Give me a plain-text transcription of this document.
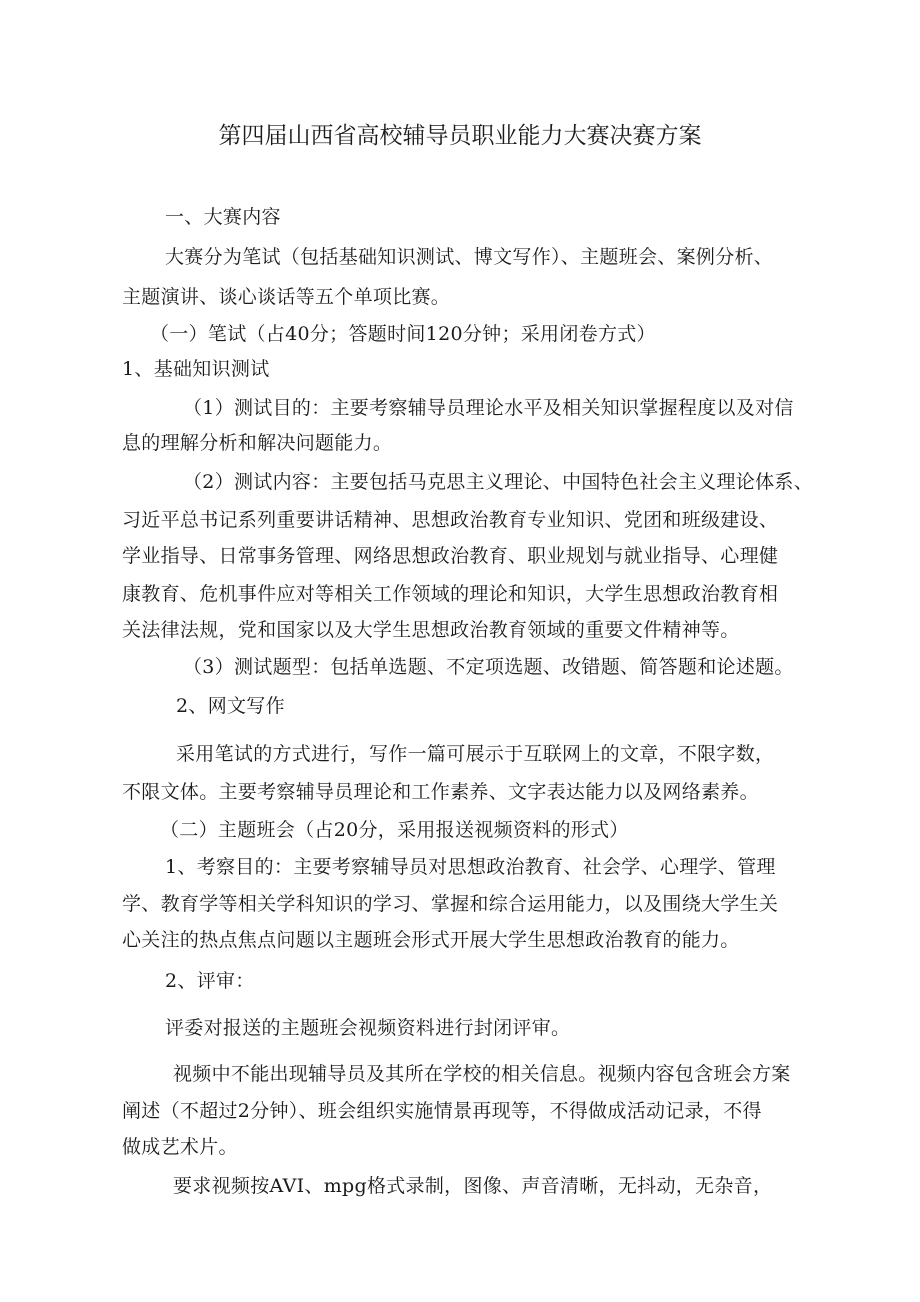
第四届山西省高校辅导员职业能力大赛决赛方案
一、大赛内容
大赛分为笔试（包括基础知识测试、博文写作）、主题班会、案例分析、
主题演讲、谈心谈话等五个单项比赛。
（一）笔试（占40分；答题时间120分钟；采用闭卷方式）
1、基础知识测试
（1）测试目的：主要考察辅导员理论水平及相关知识掌握程度以及对信
息的理解分析和解决问题能力。
（2）测试内容：主要包括马克思主义理论、中国特色社会主义理论体系、
习近平总书记系列重要讲话精神、思想政治教育专业知识、党团和班级建设、
学业指导、日常事务管理、网络思想政治教育、职业规划与就业指导、心理健
康教育、危机事件应对等相关工作领域的理论和知识，大学生思想政治教育相
关法律法规，党和国家以及大学生思想政治教育领域的重要文件精神等。
（3）测试题型：包括单选题、不定项选题、改错题、简答题和论述题。
2、网文写作
采用笔试的方式进行，写作一篇可展示于互联网上的文章，不限字数，
不限文体。主要考察辅导员理论和工作素养、文字表达能力以及网络素养。
（二）主题班会（占20分，采用报送视频资料的形式）
1、考察目的：主要考察辅导员对思想政治教育、社会学、心理学、管理
学、教育学等相关学科知识的学习、掌握和综合运用能力，以及围绕大学生关
心关注的热点焦点问题以主题班会形式开展大学生思想政治教育的能力。
2、评审：
评委对报送的主题班会视频资料进行封闭评审。
视频中不能出现辅导员及其所在学校的相关信息。视频内容包含班会方案
阐述（不超过2分钟）、班会组织实施情景再现等，不得做成活动记录，不得
做成艺术片。
要求视频按AVI、mpg格式录制，图像、声音清晰，无抖动，无杂音，
